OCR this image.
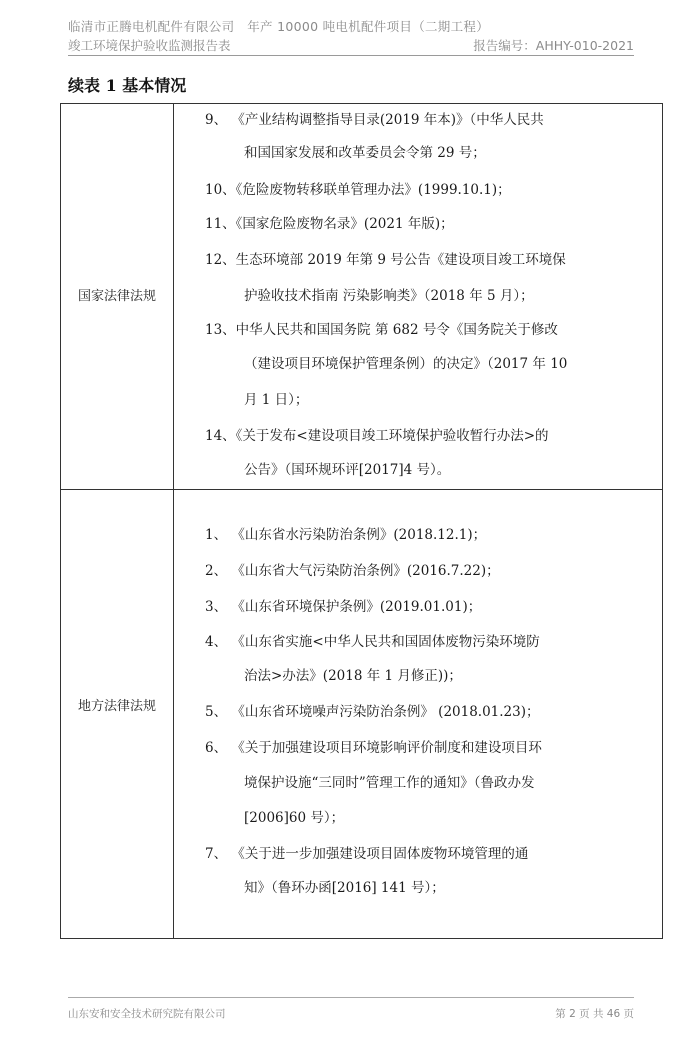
临清市正腾电机配件有限公司　年产 10000 吨电机配件项目（二期工程）
竣工环境保护验收监测报告表	报告编号：AHHY-010-2021
续表 1 基本情况
国家法律法规
地方法律法规
9、 《产业结构调整指导目录(2019 年本)》（中华人民共
和国国家发展和改革委员会令第 29 号；
10、《危险废物转移联单管理办法》(1999.10.1)；
11、《国家危险废物名录》(2021 年版)；
12、生态环境部 2019 年第 9 号公告《建设项目竣工环境保
护验收技术指南 污染影响类》（2018 年 5 月）；
13、中华人民共和国国务院 第 682 号令《国务院关于修改
（建设项目环境保护管理条例）的决定》（2017 年 10
月 1 日）；
14、《关于发布<建设项目竣工环境保护验收暂行办法>的
公告》（国环规环评[2017]4 号）。
1、 《山东省水污染防治条例》(2018.12.1)；
2、 《山东省大气污染防治条例》(2016.7.22)；
3、 《山东省环境保护条例》(2019.01.01)；
4、 《山东省实施<中华人民共和国固体废物污染环境防
治法>办法》(2018 年 1 月修正))；
5、 《山东省环境噪声污染防治条例》 (2018.01.23)；
6、 《关于加强建设项目环境影响评价制度和建设项目环
境保护设施“三同时”管理工作的通知》（鲁政办发
[2006]60 号）；
7、 《关于进一步加强建设项目固体废物环境管理的通
知》（鲁环办函[2016] 141 号）；
山东安和安全技术研究院有限公司	第 2 页 共 46 页
